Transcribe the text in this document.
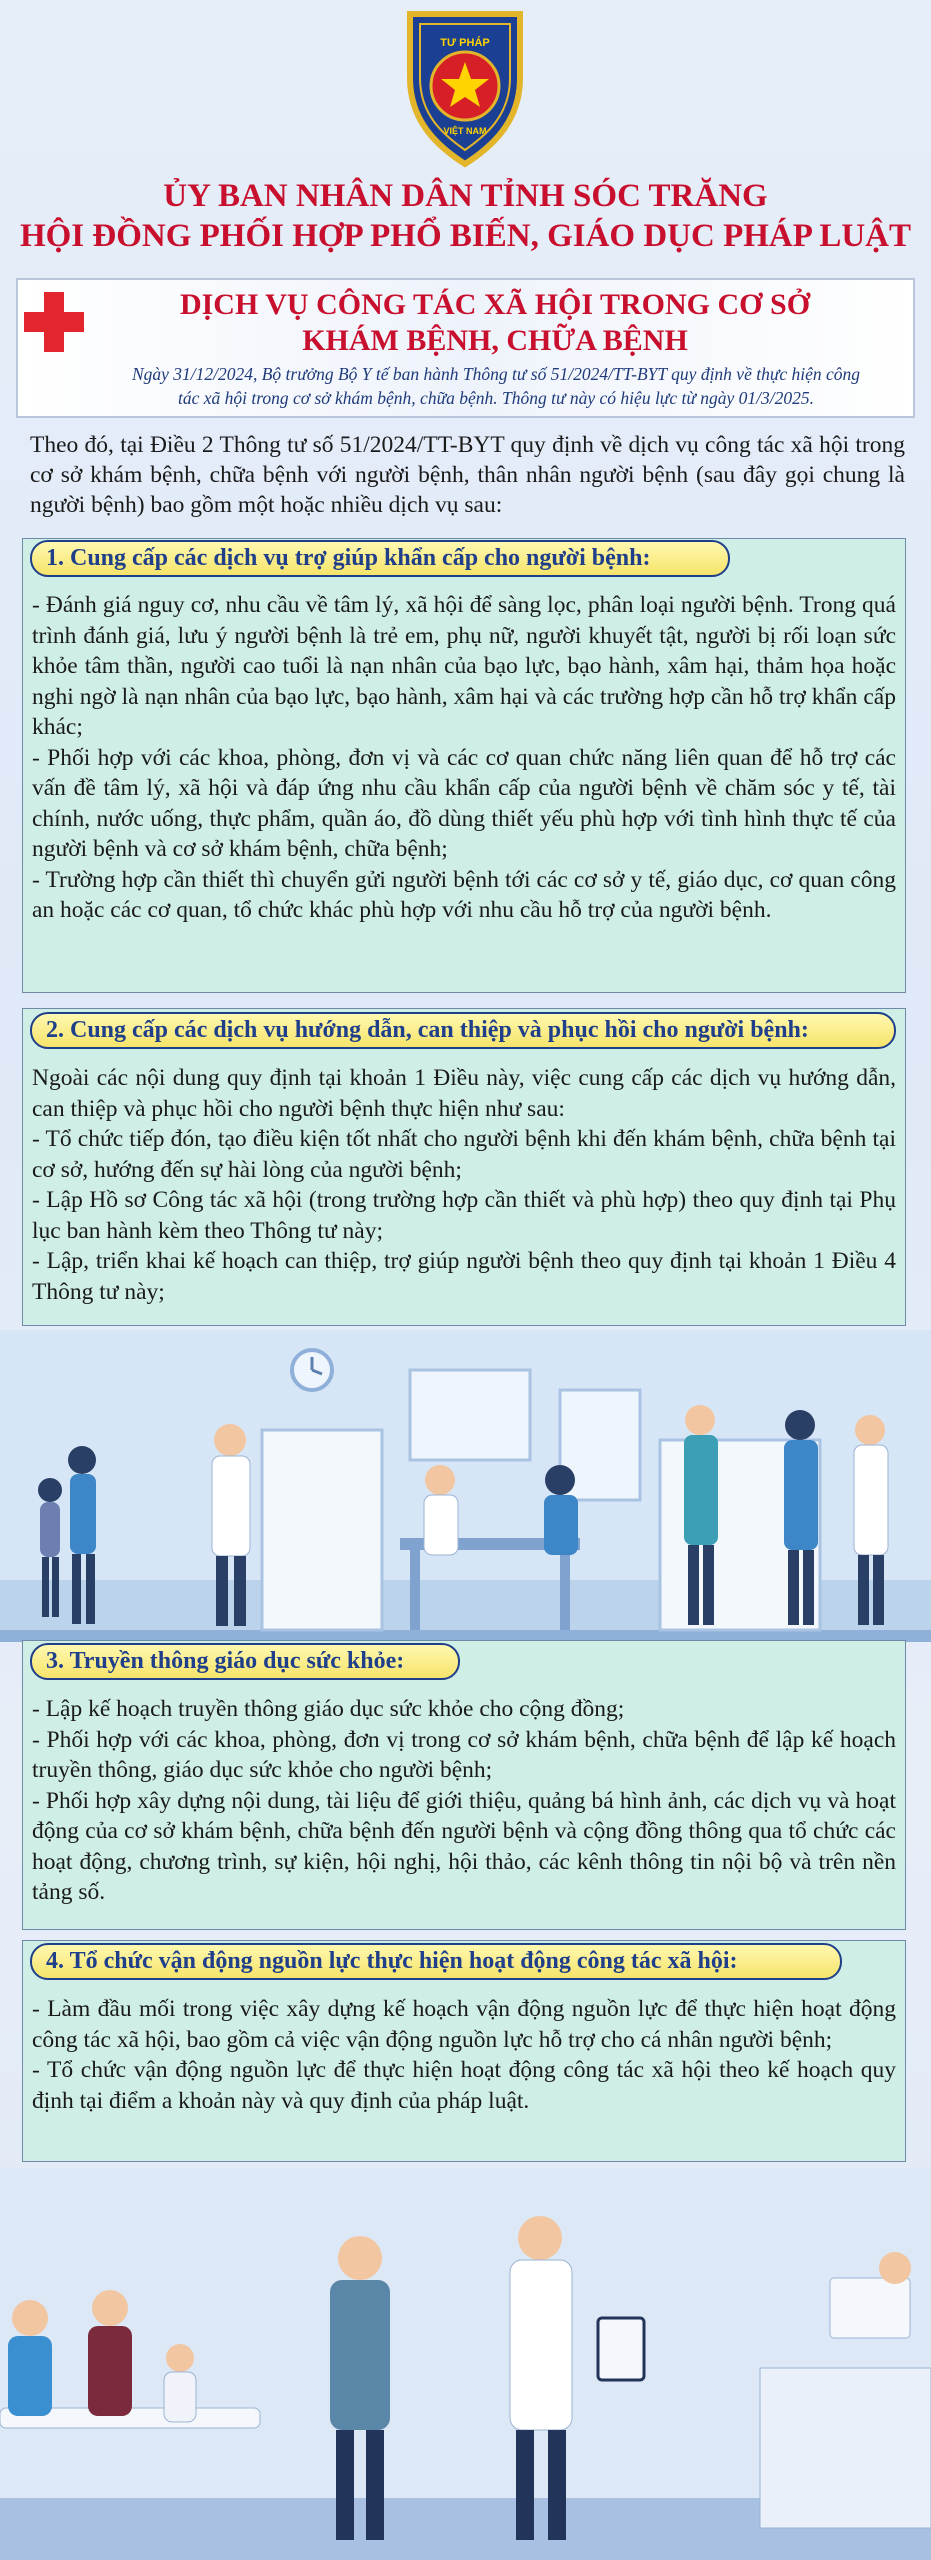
TƯ PHÁP
VIỆT NAM
ỦY BAN NHÂN DÂN TỈNH SÓC TRĂNG
HỘI ĐỒNG PHỐI HỢP PHỔ BIẾN, GIÁO DỤC PHÁP LUẬT
DỊCH VỤ CÔNG TÁC XÃ HỘI TRONG CƠ SỞ
KHÁM BỆNH, CHỮA BỆNH
Ngày 31/12/2024, Bộ trưởng Bộ Y tế ban hành Thông tư số 51/2024/TT-BYT quy định về thực hiện công
tác xã hội trong cơ sở khám bệnh, chữa bệnh. Thông tư này có hiệu lực từ ngày 01/3/2025.
Theo đó, tại Điều 2 Thông tư số 51/2024/TT-BYT quy định về dịch vụ công tác xã hội trong cơ sở khám bệnh, chữa bệnh với người bệnh, thân nhân người bệnh (sau đây gọi chung là người bệnh) bao gồm một hoặc nhiều dịch vụ sau:
1. Cung cấp các dịch vụ trợ giúp khẩn cấp cho người bệnh:

- Đánh giá nguy cơ, nhu cầu về tâm lý, xã hội để sàng lọc, phân loại người bệnh. Trong quá trình đánh giá, lưu ý người bệnh là trẻ em, phụ nữ, người khuyết tật, người bị rối loạn sức khỏe tâm thần, người cao tuổi là nạn nhân của bạo lực, bạo hành, xâm hại, thảm họa hoặc nghi ngờ là nạn nhân của bạo lực, bạo hành, xâm hại và các trường hợp cần hỗ trợ khẩn cấp khác;

- Phối hợp với các khoa, phòng, đơn vị và các cơ quan chức năng liên quan để hỗ trợ các vấn đề tâm lý, xã hội và đáp ứng nhu cầu khẩn cấp của người bệnh về chăm sóc y tế, tài chính, nước uống, thực phẩm, quần áo, đồ dùng thiết yếu phù hợp với tình hình thực tế của người bệnh và cơ sở khám bệnh, chữa bệnh;

- Trường hợp cần thiết thì chuyển gửi người bệnh tới các cơ sở y tế, giáo dục, cơ quan công an hoặc các cơ quan, tổ chức khác phù hợp với nhu cầu hỗ trợ của người bệnh.

2. Cung cấp các dịch vụ hướng dẫn, can thiệp và phục hồi cho người bệnh:

Ngoài các nội dung quy định tại khoản 1 Điều này, việc cung cấp các dịch vụ hướng dẫn, can thiệp và phục hồi cho người bệnh thực hiện như sau:

- Tổ chức tiếp đón, tạo điều kiện tốt nhất cho người bệnh khi đến khám bệnh, chữa bệnh tại cơ sở, hướng đến sự hài lòng của người bệnh;

- Lập Hồ sơ Công tác xã hội (trong trường hợp cần thiết và phù hợp) theo quy định tại Phụ lục ban hành kèm theo Thông tư này;

- Lập, triển khai kế hoạch can thiệp, trợ giúp người bệnh theo quy định tại khoản 1 Điều 4 Thông tư này;

3. Truyền thông giáo dục sức khỏe:

- Lập kế hoạch truyền thông giáo dục sức khỏe cho cộng đồng;

- Phối hợp với các khoa, phòng, đơn vị trong cơ sở khám bệnh, chữa bệnh để lập kế hoạch truyền thông, giáo dục sức khỏe cho người bệnh;

- Phối hợp xây dựng nội dung, tài liệu để giới thiệu, quảng bá hình ảnh, các dịch vụ và hoạt động của cơ sở khám bệnh, chữa bệnh đến người bệnh và cộng đồng thông qua tổ chức các hoạt động, chương trình, sự kiện, hội nghị, hội thảo, các kênh thông tin nội bộ và trên nền tảng số.

4. Tổ chức vận động nguồn lực thực hiện hoạt động công tác xã hội:

- Làm đầu mối trong việc xây dựng kế hoạch vận động nguồn lực để thực hiện hoạt động công tác xã hội, bao gồm cả việc vận động nguồn lực hỗ trợ cho cá nhân người bệnh;

- Tổ chức vận động nguồn lực để thực hiện hoạt động công tác xã hội theo kế hoạch quy định tại điểm a khoản này và quy định của pháp luật.
